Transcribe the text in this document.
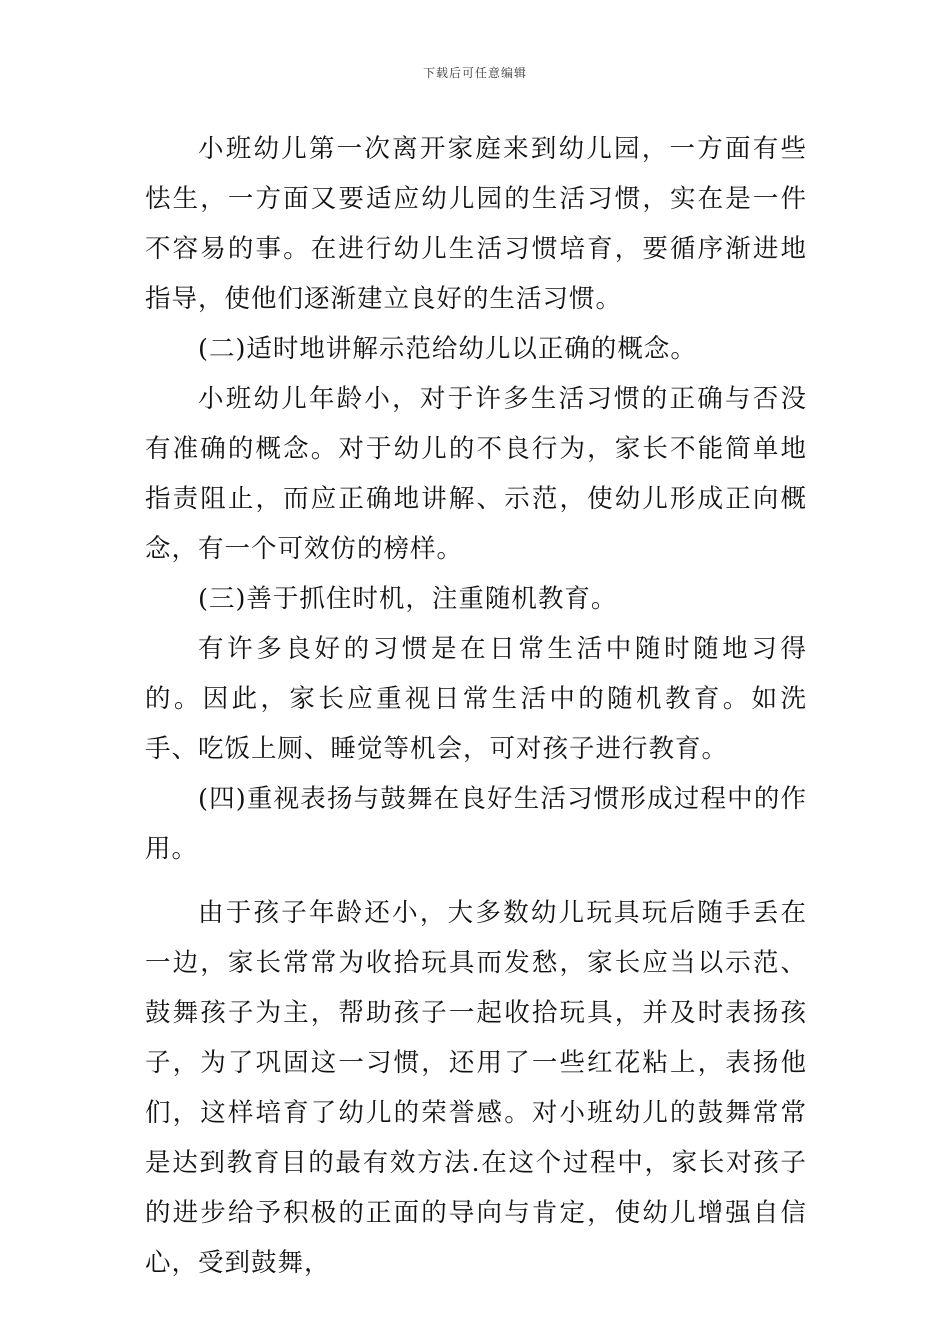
下载后可任意编辑

小班幼儿第一次离开家庭来到幼儿园，一方面有些怯生，一方面又要适应幼儿园的生活习惯，实在是一件不容易的事。在进行幼儿生活习惯培育，要循序渐进地指导，使他们逐渐建立良好的生活习惯。

(二)适时地讲解示范给幼儿以正确的概念。

小班幼儿年龄小，对于许多生活习惯的正确与否没有准确的概念。对于幼儿的不良行为，家长不能简单地指责阻止，而应正确地讲解、示范，使幼儿形成正向概念，有一个可效仿的榜样。

(三)善于抓住时机，注重随机教育。

有许多良好的习惯是在日常生活中随时随地习得的。因此，家长应重视日常生活中的随机教育。如洗手、吃饭上厕、睡觉等机会，可对孩子进行教育。

(四)重视表扬与鼓舞在良好生活习惯形成过程中的作用。

由于孩子年龄还小，大多数幼儿玩具玩后随手丢在一边，家长常常为收拾玩具而发愁，家长应当以示范、鼓舞孩子为主，帮助孩子一起收拾玩具，并及时表扬孩子，为了巩固这一习惯，还用了一些红花粘上，表扬他们，这样培育了幼儿的荣誉感。对小班幼儿的鼓舞常常是达到教育目的最有效方法.在这个过程中，家长对孩子的进步给予积极的正面的导向与肯定，使幼儿增强自信心，受到鼓舞，
